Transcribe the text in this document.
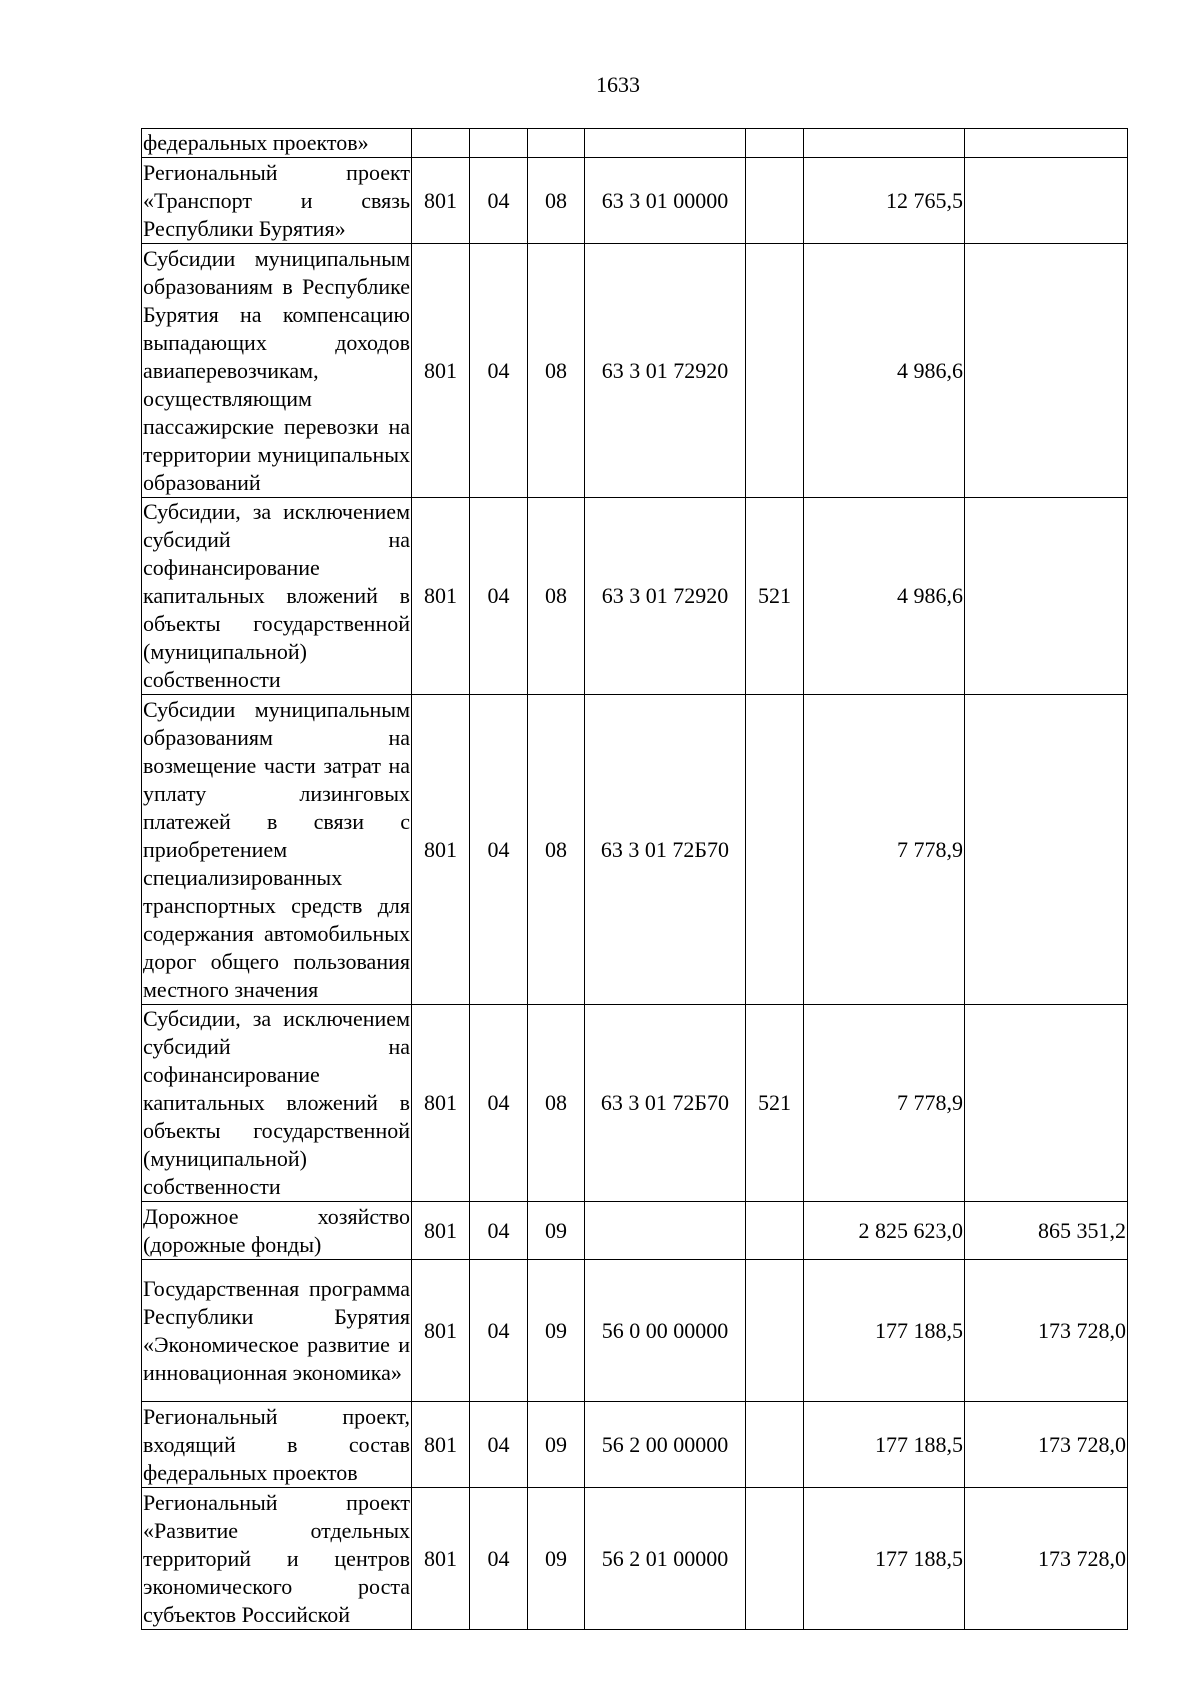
1633
федеральных проектов»							
Региональный проект «Транспорт и связь Республики Бурятия»	801	04	08	63 3 01 00000		12 765,5	
Субсидии муниципальным образованиям в Республике Бурятия на компенсацию выпадающих доходов авиаперевозчикам, осуществляющим пассажирские перевозки на территории муниципальных образований	801	04	08	63 3 01 72920		4 986,6	
Субсидии, за исключением субсидий на софинансирование капитальных вложений в объекты государственной (муниципальной) собственности	801	04	08	63 3 01 72920	521	4 986,6	
Субсидии муниципальным образованиям на возмещение части затрат на уплату лизинговых платежей в связи с приобретением специализированных транспортных средств для содержания автомобильных дорог общего пользования местного значения	801	04	08	63 3 01 72Б70		7 778,9	
Субсидии, за исключением субсидий на софинансирование капитальных вложений в объекты государственной (муниципальной) собственности	801	04	08	63 3 01 72Б70	521	7 778,9	
Дорожное хозяйство (дорожные фонды)	801	04	09			2 825 623,0	865 351,2
Государственная программа Республики Бурятия «Экономическое развитие и инновационная экономика»	801	04	09	56 0 00 00000		177 188,5	173 728,0
Региональный проект, входящий в состав федеральных проектов	801	04	09	56 2 00 00000		177 188,5	173 728,0
Региональный проект «Развитие отдельных территорий и центров экономического роста субъектов Российской	801	04	09	56 2 01 00000		177 188,5	173 728,0
